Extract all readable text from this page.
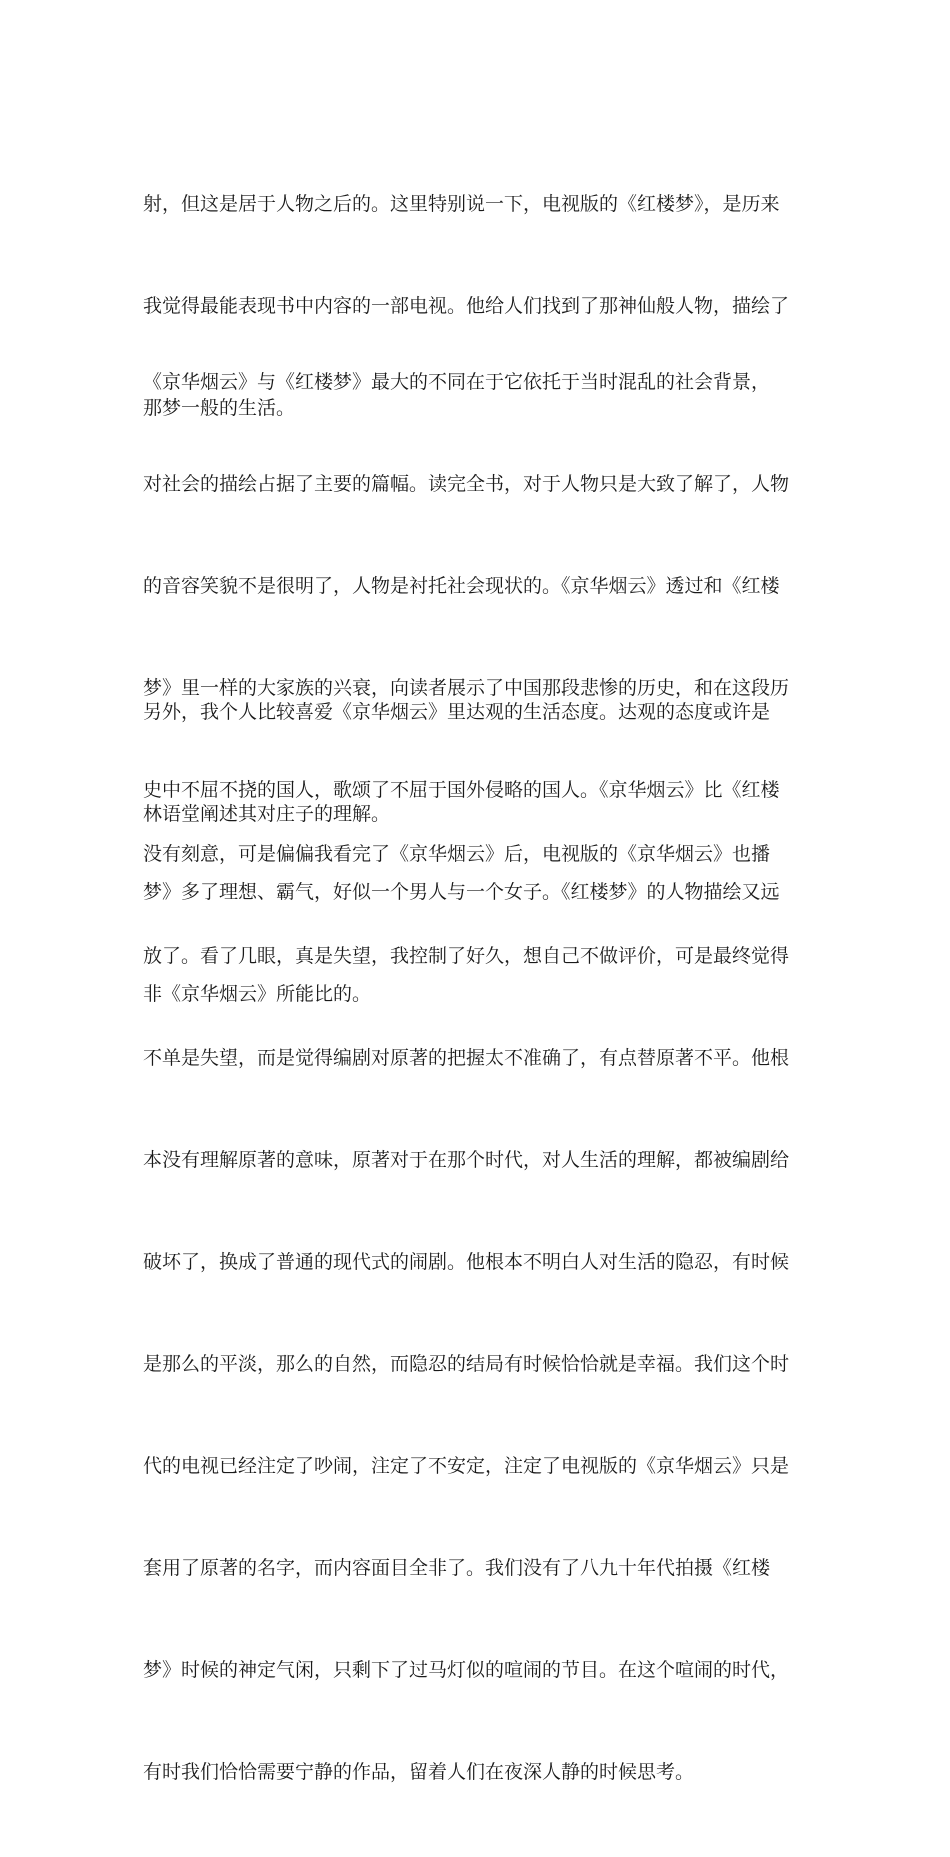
射，但这是居于人物之后的。这里特别说一下，电视版的《红楼梦》，是历来

我觉得最能表现书中内容的一部电视。他给人们找到了那神仙般人物，描绘了

那梦一般的生活。

《京华烟云》与《红楼梦》最大的不同在于它依托于当时混乱的社会背景，

对社会的描绘占据了主要的篇幅。读完全书，对于人物只是大致了解了，人物

的音容笑貌不是很明了，人物是衬托社会现状的。《京华烟云》透过和《红楼

梦》里一样的大家族的兴衰，向读者展示了中国那段悲惨的历史，和在这段历

史中不屈不挠的国人，歌颂了不屈于国外侵略的国人。《京华烟云》比《红楼

梦》多了理想、霸气，好似一个男人与一个女子。《红楼梦》的人物描绘又远

非《京华烟云》所能比的。

另外，我个人比较喜爱《京华烟云》里达观的生活态度。达观的态度或许是

林语堂阐述其对庄子的理解。

没有刻意，可是偏偏我看完了《京华烟云》后，电视版的《京华烟云》也播

放了。看了几眼，真是失望，我控制了好久，想自己不做评价，可是最终觉得

不单是失望，而是觉得编剧对原著的把握太不准确了，有点替原著不平。他根

本没有理解原著的意味，原著对于在那个时代，对人生活的理解，都被编剧给

破坏了，换成了普通的现代式的闹剧。他根本不明白人对生活的隐忍，有时候

是那么的平淡，那么的自然，而隐忍的结局有时候恰恰就是幸福。我们这个时

代的电视已经注定了吵闹，注定了不安定，注定了电视版的《京华烟云》只是

套用了原著的名字，而内容面目全非了。我们没有了八九十年代拍摄《红楼

梦》时候的神定气闲，只剩下了过马灯似的喧闹的节目。在这个喧闹的时代，

有时我们恰恰需要宁静的作品，留着人们在夜深人静的时候思考。
